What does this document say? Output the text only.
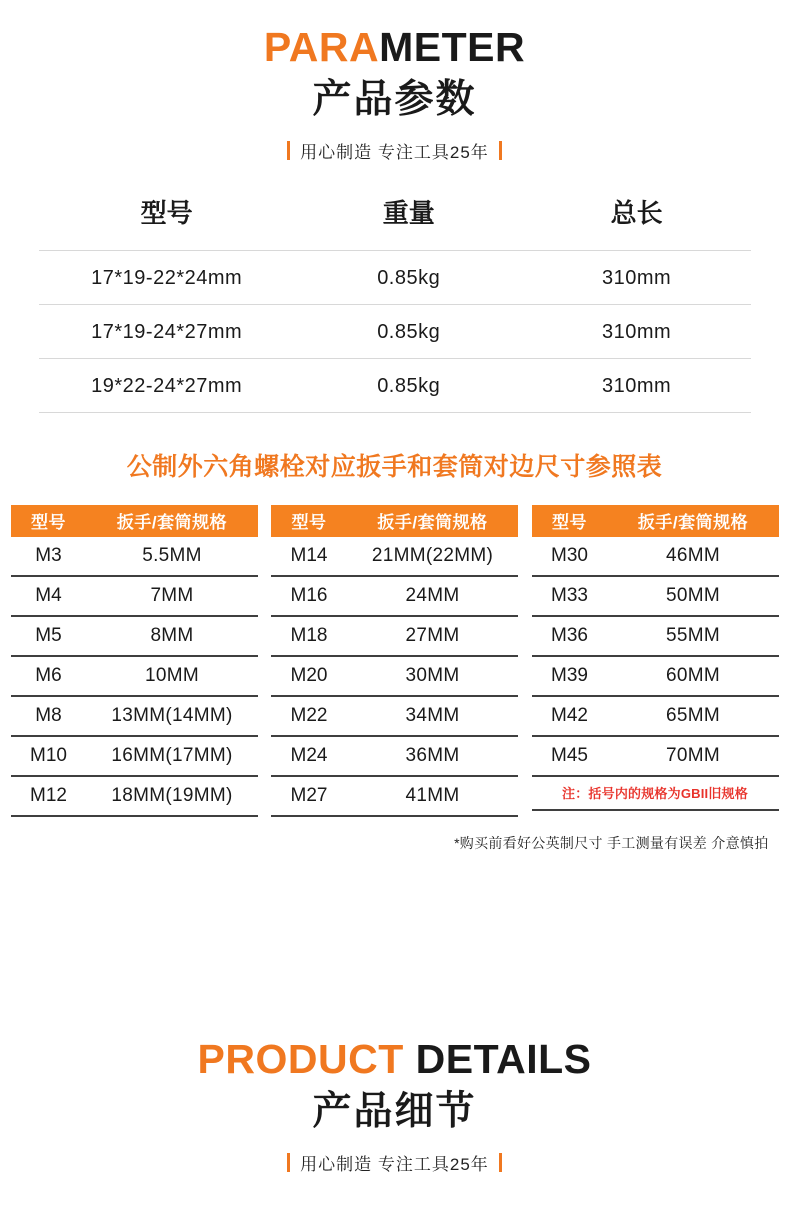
PARAMETER
产品参数
用心制造 专注工具25年
型号	重量	总长
17*19-22*24mm	0.85kg	310mm
17*19-24*27mm	0.85kg	310mm
19*22-24*27mm	0.85kg	310mm
公制外六角螺栓对应扳手和套筒对边尺寸参照表
型号	扳手/套筒规格
M3	5.5MM
M4	7MM
M5	8MM
M6	10MM
M8	13MM(14MM)
M10	16MM(17MM)
M12	18MM(19MM)
型号	扳手/套筒规格
M14	21MM(22MM)
M16	24MM
M18	27MM
M20	30MM
M22	34MM
M24	36MM
M27	41MM
型号	扳手/套筒规格
M30	46MM
M33	50MM
M36	55MM
M39	60MM
M42	65MM
M45	70MM
注：括号内的规格为GBII旧规格
*购买前看好公英制尺寸 手工测量有误差 介意慎拍
PRODUCT DETAILS
产品细节
用心制造 专注工具25年
